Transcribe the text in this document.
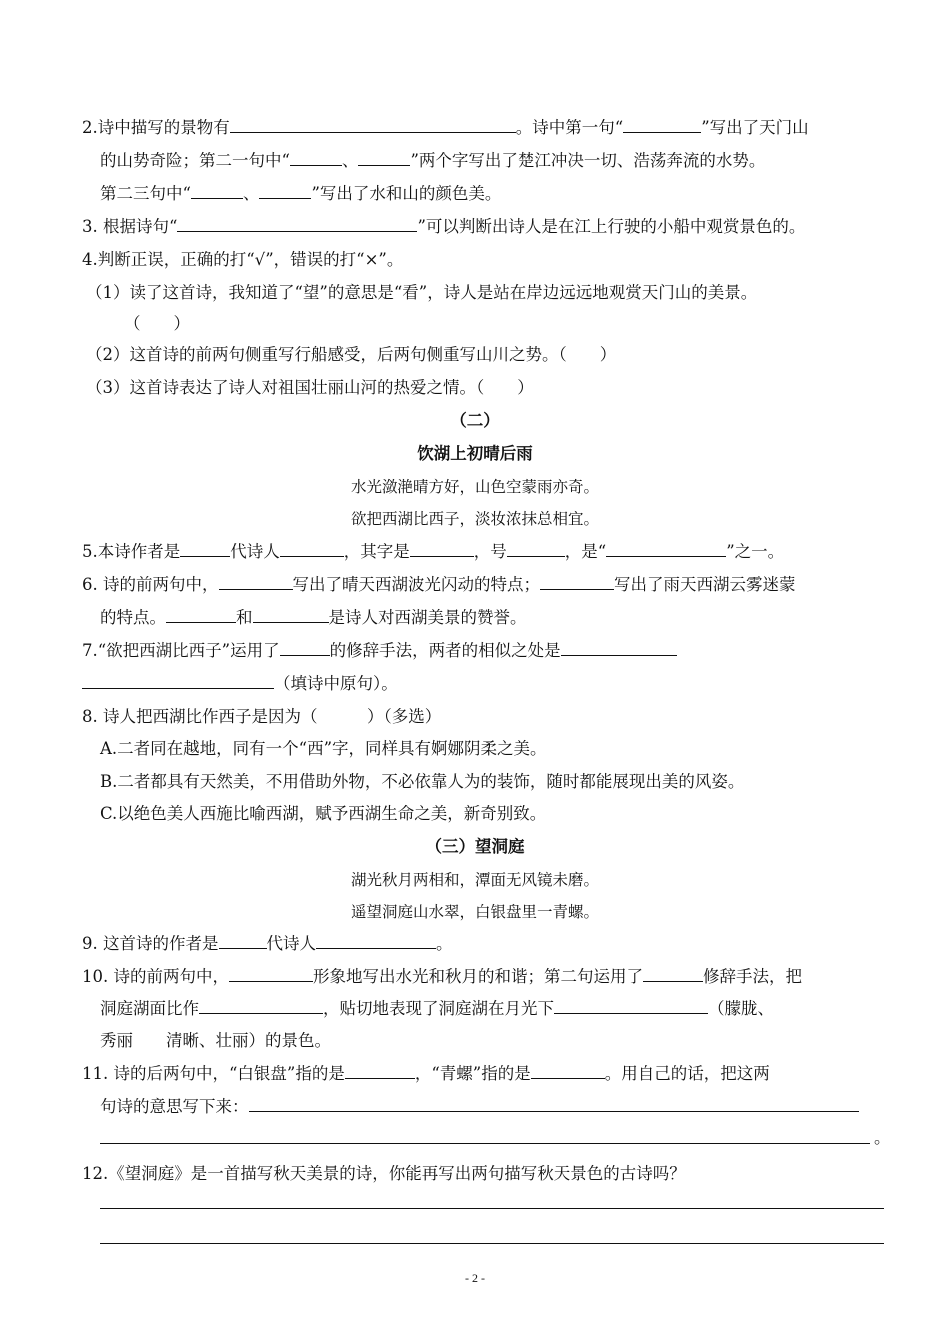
2.诗中描写的景物有	。诗中第一句“	”写出了天门山
的山势奇险；第二一句中“	、	”两个字写出了楚江冲决一切、浩荡奔流的水势。
第二三句中“	、	”写出了水和山的颜色美。
3. 根据诗句“	”可以判断出诗人是在江上行驶的小船中观赏景色的。
4.判断正误，正确的打“√”，错误的打“×”。
（1）读了这首诗，我知道了“望”的意思是“看”，诗人是站在岸边远远地观赏天门山的美景。
（　　）
（2）这首诗的前两句侧重写行船感受，后两句侧重写山川之势。（　　）
（3）这首诗表达了诗人对祖国壮丽山河的热爱之情。（　　）
（二）
饮湖上初晴后雨
水光潋滟晴方好，山色空蒙雨亦奇。
欲把西湖比西子，淡妆浓抹总相宜。
5.本诗作者是	代诗人	，其字是	，号	，是“	”之一。
6. 诗的前两句中，	写出了晴天西湖波光闪动的特点；	写出了雨天西湖云雾迷蒙
的特点。	和	是诗人对西湖美景的赞誉。
7.“欲把西湖比西子”运用了	的修辞手法，两者的相似之处是
（填诗中原句）。
8. 诗人把西湖比作西子是因为（　　　）（多选）
A.二者同在越地，同有一个“西”字，同样具有婀娜阴柔之美。
B.二者都具有天然美，不用借助外物，不必依靠人为的装饰，随时都能展现出美的风姿。
C.以绝色美人西施比喻西湖，赋予西湖生命之美，新奇别致。
（三）望洞庭
湖光秋月两相和，潭面无风镜未磨。
遥望洞庭山水翠，白银盘里一青螺。
9. 这首诗的作者是	代诗人	。
10. 诗的前两句中，	形象地写出水光和秋月的和谐；第二句运用了	修辞手法，把
洞庭湖面比作	，贴切地表现了洞庭湖在月光下	（朦胧、
秀丽　　清晰、壮丽）的景色。
11. 诗的后两句中，“白银盘”指的是	，“青螺”指的是	。用自己的话，把这两
句诗的意思写下来：
。
12.《望洞庭》是一首描写秋天美景的诗，你能再写出两句描写秋天景色的古诗吗？
- 2 -
